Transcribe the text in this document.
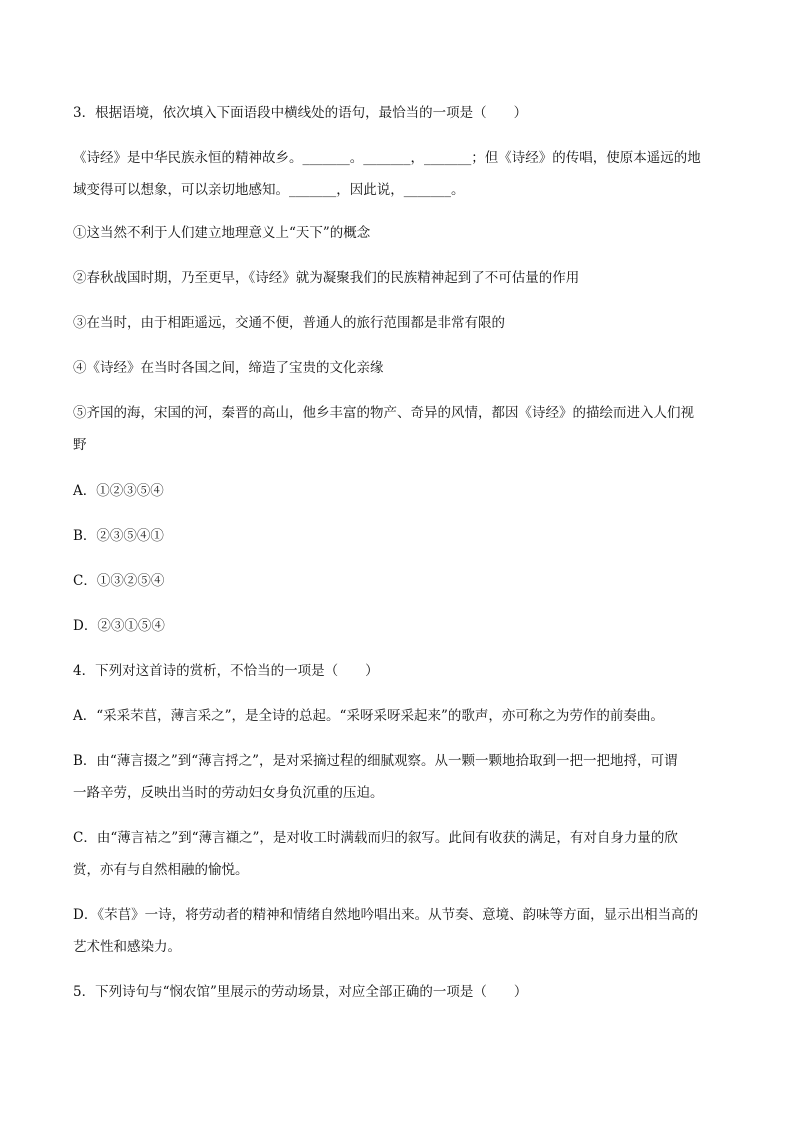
3．根据语境，依次填入下面语段中横线处的语句，最恰当的一项是（　　）
《诗经》是中华民族永恒的精神故乡。_______。_______，_______；但《诗经》的传唱，使原本遥远的地
域变得可以想象，可以亲切地感知。_______，因此说，_______。
①这当然不利于人们建立地理意义上“天下”的概念
②春秋战国时期，乃至更早，《诗经》就为凝聚我们的民族精神起到了不可估量的作用
③在当时，由于相距遥远，交通不便，普通人的旅行范围都是非常有限的
④《诗经》在当时各国之间，缔造了宝贵的文化亲缘
⑤齐国的海，宋国的河，秦晋的高山，他乡丰富的物产、奇异的风情，都因《诗经》的描绘而进入人们视
野
A．①②③⑤④
B．②③⑤④①
C．①③②⑤④
D．②③①⑤④
4．下列对这首诗的赏析，不恰当的一项是（　　）
A．“采采芣苢，薄言采之”，是全诗的总起。“采呀采呀采起来”的歌声，亦可称之为劳作的前奏曲。
B．由“薄言掇之”到“薄言捋之”，是对采摘过程的细腻观察。从一颗一颗地拾取到一把一把地捋，可谓
一路辛劳，反映出当时的劳动妇女身负沉重的压迫。
C．由“薄言袺之”到“薄言襭之”，是对收工时满载而归的叙写。此间有收获的满足，有对自身力量的欣
赏，亦有与自然相融的愉悦。
D．《芣苢》一诗，将劳动者的精神和情绪自然地吟唱出来。从节奏、意境、韵味等方面，显示出相当高的
艺术性和感染力。
5．下列诗句与“悯农馆”里展示的劳动场景，对应全部正确的一项是（　　）
